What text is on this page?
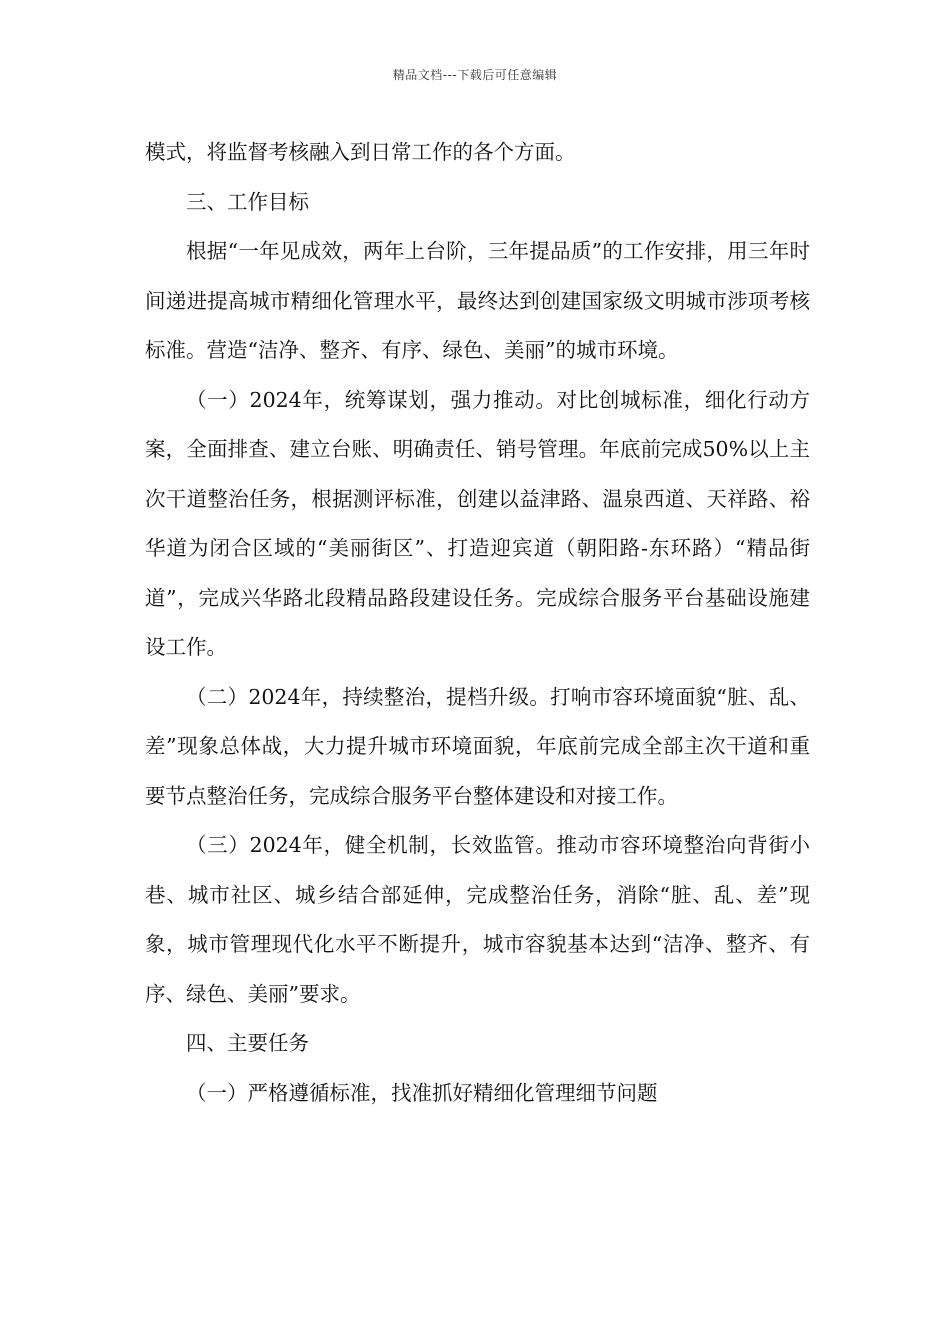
精品文档---下载后可任意编辑

模式，将监督考核融入到日常工作的各个方面。

三、工作目标

根据“一年见成效，两年上台阶，三年提品质”的工作安排，用三年时间递进提高城市精细化管理水平，最终达到创建国家级文明城市涉项考核标准。营造“洁净、整齐、有序、绿色、美丽”的城市环境。

（一）2024年，统筹谋划，强力推动。对比创城标准，细化行动方案，全面排查、建立台账、明确责任、销号管理。年底前完成50%以上主次干道整治任务，根据测评标准，创建以益津路、温泉西道、天祥路、裕华道为闭合区域的“美丽街区”、打造迎宾道（朝阳路-东环路）“精品街道”，完成兴华路北段精品路段建设任务。完成综合服务平台基础设施建设工作。

（二）2024年，持续整治，提档升级。打响市容环境面貌“脏、乱、差”现象总体战，大力提升城市环境面貌，年底前完成全部主次干道和重要节点整治任务，完成综合服务平台整体建设和对接工作。

（三）2024年，健全机制，长效监管。推动市容环境整治向背街小巷、城市社区、城乡结合部延伸，完成整治任务，消除“脏、乱、差”现象，城市管理现代化水平不断提升，城市容貌基本达到“洁净、整齐、有序、绿色、美丽”要求。

四、主要任务

（一）严格遵循标准，找准抓好精细化管理细节问题
